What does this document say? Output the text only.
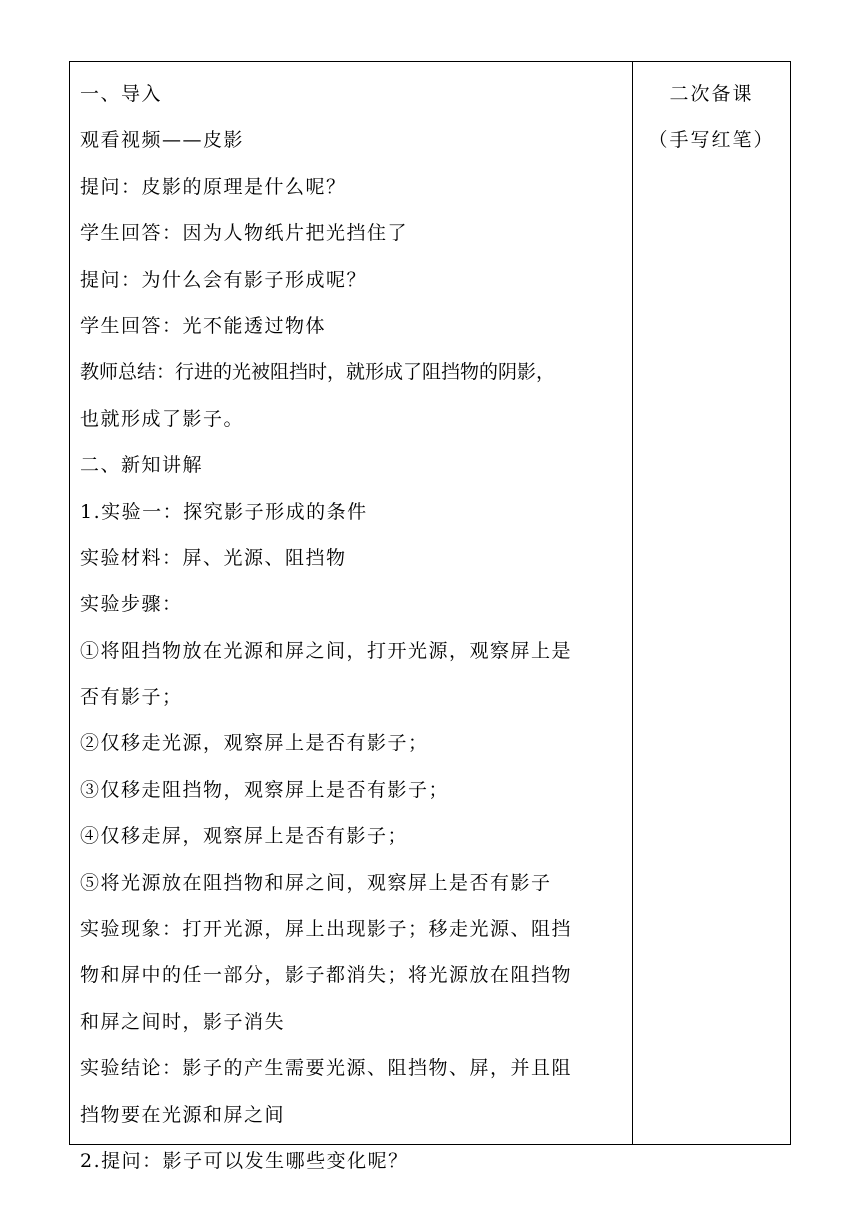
一、导入
观看视频——皮影
提问：皮影的原理是什么呢？
学生回答：因为人物纸片把光挡住了
提问：为什么会有影子形成呢？
学生回答：光不能透过物体
教师总结：行进的光被阻挡时，就形成了阻挡物的阴影，
也就形成了影子。
二、新知讲解
1.实验一：探究影子形成的条件
实验材料：屏、光源、阻挡物
实验步骤：
①将阻挡物放在光源和屏之间，打开光源，观察屏上是
否有影子；
②仅移走光源，观察屏上是否有影子；
③仅移走阻挡物，观察屏上是否有影子；
④仅移走屏，观察屏上是否有影子；
⑤将光源放在阻挡物和屏之间，观察屏上是否有影子
实验现象：打开光源，屏上出现影子；移走光源、阻挡
物和屏中的任一部分，影子都消失；将光源放在阻挡物
和屏之间时，影子消失
实验结论：影子的产生需要光源、阻挡物、屏，并且阻
挡物要在光源和屏之间
2.提问：影子可以发生哪些变化呢？
二次备课
（手写红笔）
